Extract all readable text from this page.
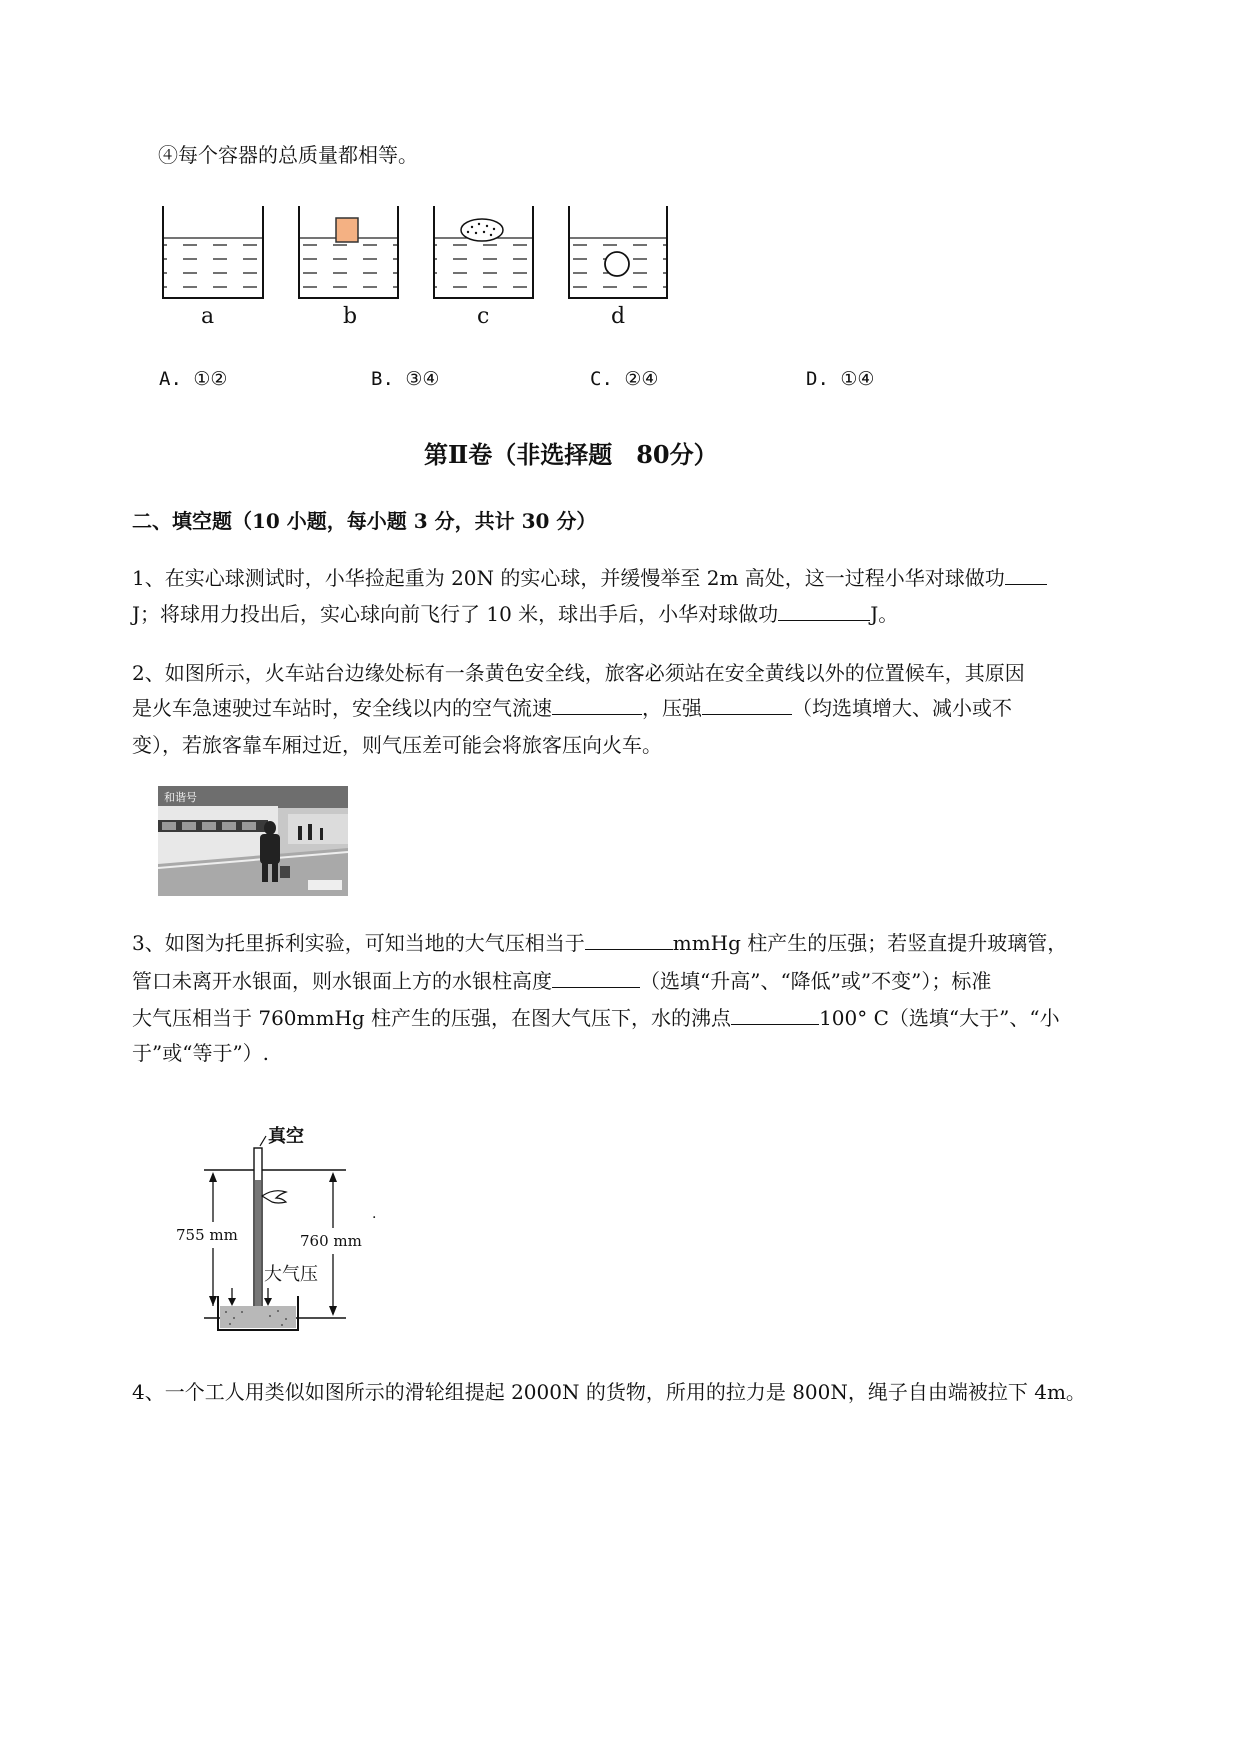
④每个容器的总质量都相等。
a	b	c	d
A. ①②	B. ③④	C. ②④	D. ①④
第Ⅱ卷（非选择题　80分）
二、填空题（10 小题，每小题 3 分，共计 30 分）
1、在实心球测试时，小华捡起重为 20N 的实心球，并缓慢举至 2m 高处，这一过程小华对球做功
J；将球用力投出后，实心球向前飞行了 10 米，球出手后，小华对球做功	J。
2、如图所示，火车站台边缘处标有一条黄色安全线，旅客必须站在安全黄线以外的位置候车，其原因
是火车急速驶过车站时，安全线以内的空气流速	，压强	（均选填增大、减小或不
变），若旅客靠车厢过近，则气压差可能会将旅客压向火车。
和谐号
3、如图为托里拆利实验，可知当地的大气压相当于	mmHg 柱产生的压强；若竖直提升玻璃管，
管口未离开水银面，则水银面上方的水银柱高度	（选填“升高”、“降低”或”不变”）；标准
大气压相当于 760mmHg 柱产生的压强，在图大气压下，水的沸点	100° C（选填“大于”、“小
于”或“等于”）.
真空
755 mm	760 mm
大气压
·
4、一个工人用类似如图所示的滑轮组提起 2000N 的货物，所用的拉力是 800N，绳子自由端被拉下 4m。
